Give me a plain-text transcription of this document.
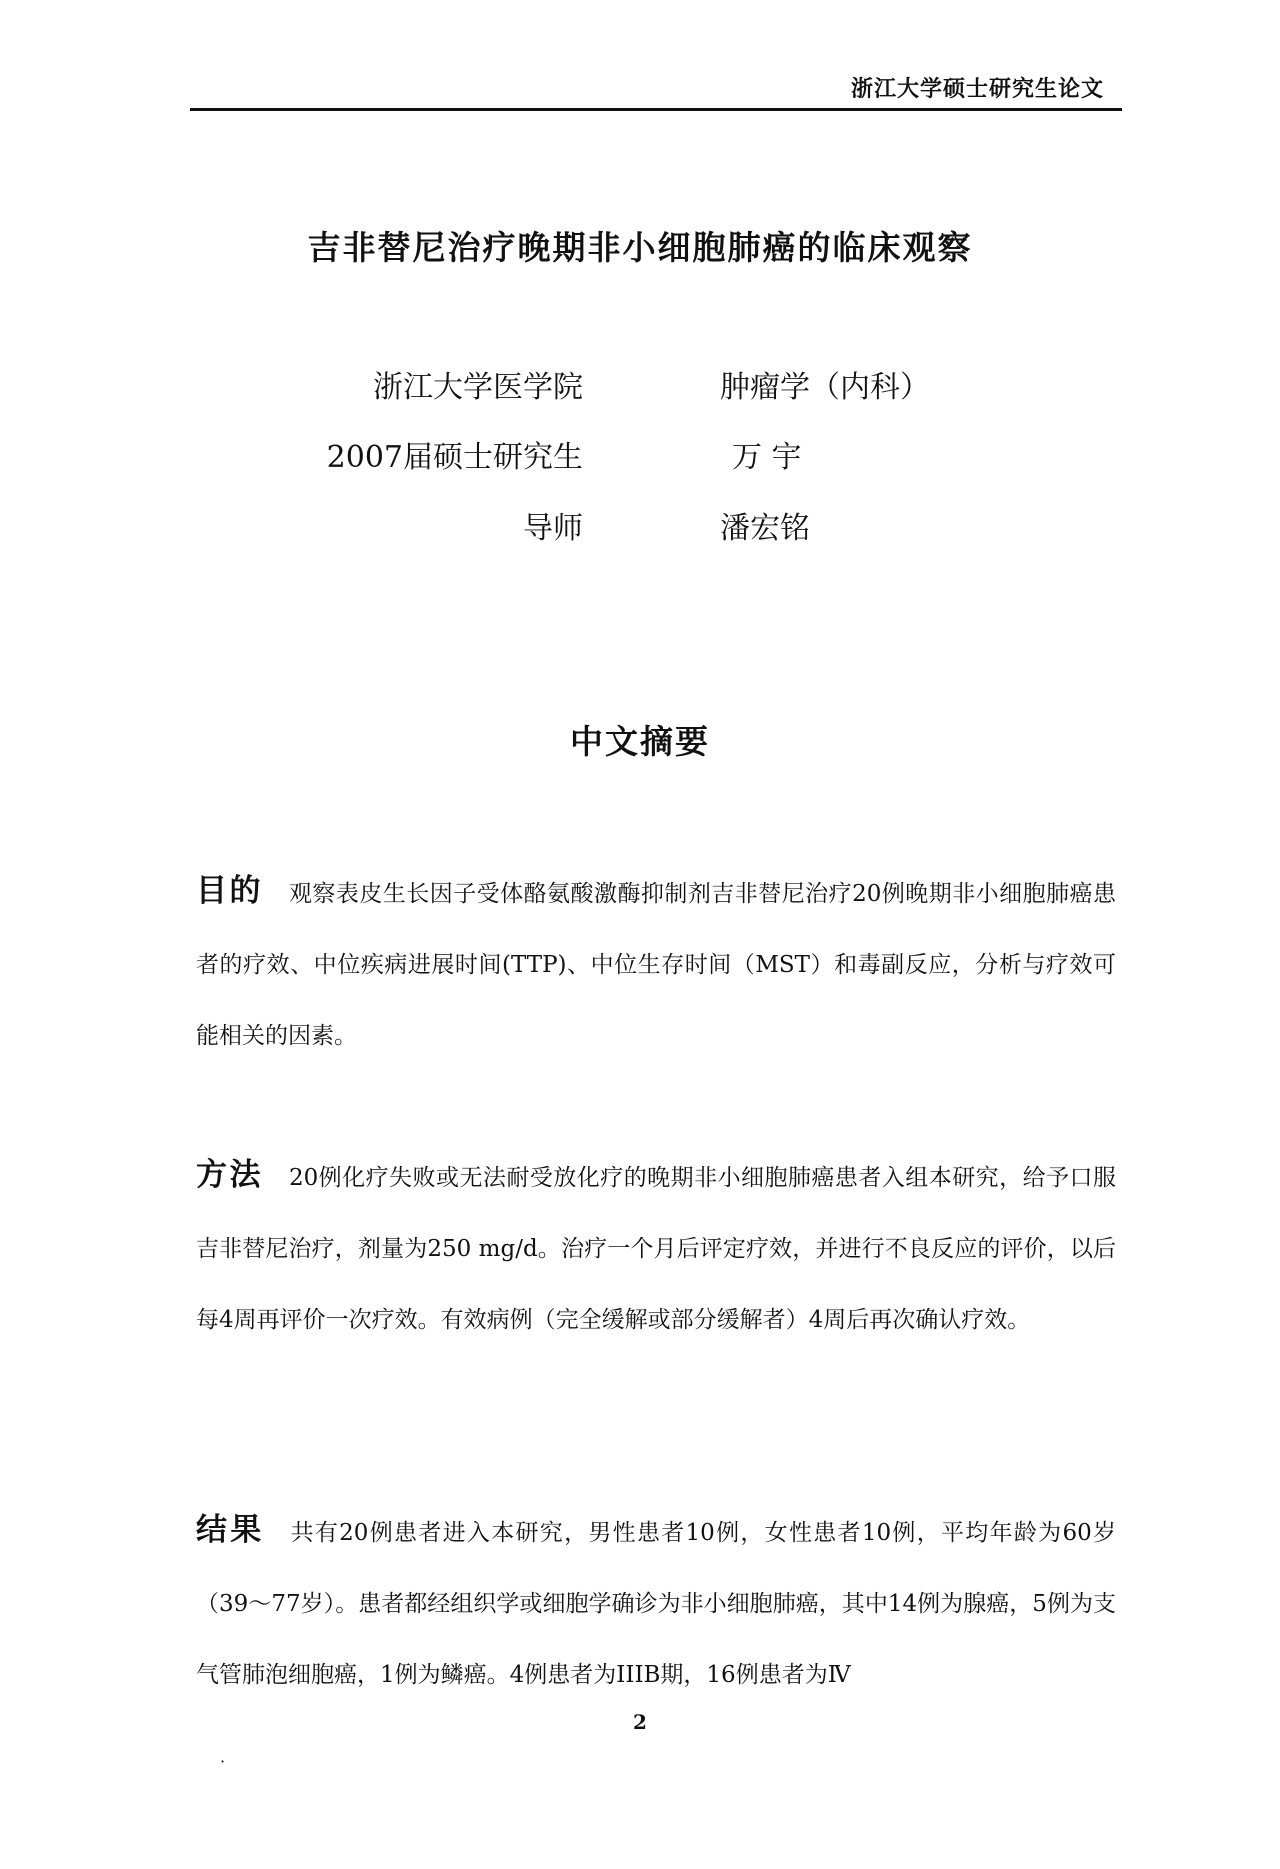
浙江大学硕士研究生论文
吉非替尼治疗晚期非小细胞肺癌的临床观察
浙江大学医学院	肿瘤学（内科）
2007届硕士研究生	万 宇
导师	潘宏铭
中文摘要
目的 观察表皮生长因子受体酪氨酸激酶抑制剂吉非替尼治疗20例晚期非小细胞肺癌患者的疗效、中位疾病进展时间(TTP)、中位生存时间（MST）和毒副反应，分析与疗效可能相关的因素。
方法 20例化疗失败或无法耐受放化疗的晚期非小细胞肺癌患者入组本研究，给予口服吉非替尼治疗，剂量为250 mg/d。治疗一个月后评定疗效，并进行不良反应的评价，以后每4周再评价一次疗效。有效病例（完全缓解或部分缓解者）4周后再次确认疗效。
结果 共有20例患者进入本研究，男性患者10例，女性患者10例，平均年龄为60岁（39～77岁）。患者都经组织学或细胞学确诊为非小细胞肺癌，其中14例为腺癌，5例为支气管肺泡细胞癌，1例为鳞癌。4例患者为IIIB期，16例患者为Ⅳ
2
·
